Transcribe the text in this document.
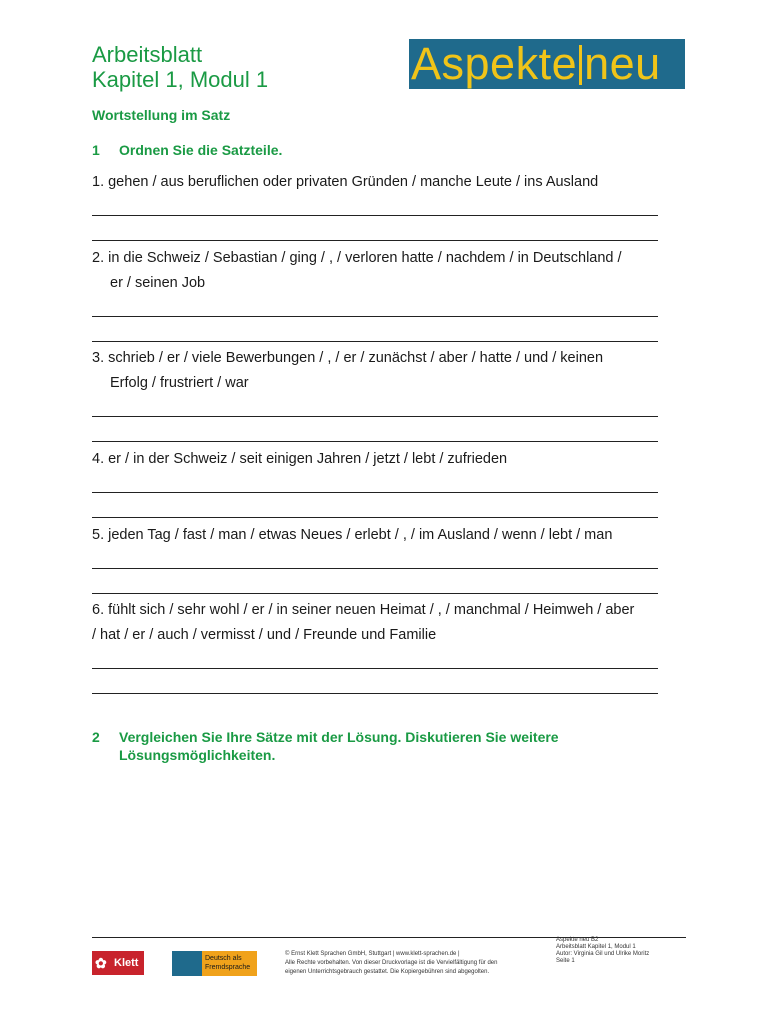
Arbeitsblatt
Kapitel 1, Modul 1	Aspekte neu
Wortstellung im Satz
1 Ordnen Sie die Satzteile.
1. gehen / aus beruflichen oder privaten Gründen / manche Leute / ins Ausland
2. in die Schweiz / Sebastian / ging / , / verloren hatte / nachdem / in Deutschland /
er / seinen Job
3. schrieb / er / viele Bewerbungen / , / er / zunächst / aber / hatte / und / keinen
Erfolg / frustriert / war
4. er / in der Schweiz / seit einigen Jahren / jetzt / lebt / zufrieden
5. jeden Tag / fast / man / etwas Neues / erlebt / , / im Ausland / wenn / lebt / man
6. fühlt sich / sehr wohl / er / in seiner neuen Heimat / , / manchmal / Heimweh / aber
/ hat / er / auch / vermisst / und / Freunde und Familie
2 Vergleichen Sie Ihre Sätze mit der Lösung. Diskutieren Sie weitere Lösungsmöglichkeiten.
✿ Klett	Deutsch als
Fremdsprache
© Ernst Klett Sprachen GmbH, Stuttgart | www.klett-sprachen.de |
Alle Rechte vorbehalten. Von dieser Druckvorlage ist die Vervielfältigung für den
eigenen Unterrichtsgebrauch gestattet. Die Kopiergebühren sind abgegolten.
Aspekte neu B2
Arbeitsblatt Kapitel 1, Modul 1
Autor: Virginia Gil und Ulrike Moritz
Seite 1
